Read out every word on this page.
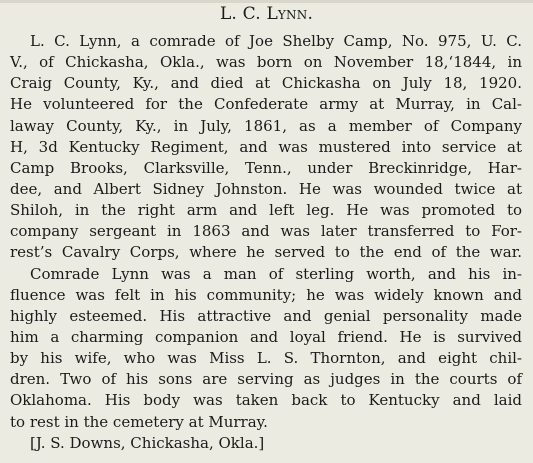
L. C. Lynn.
L. C. Lynn, a comrade of Joe Shelby Camp, No. 975, U. C.
V., of Chickasha, Okla., was born on November 18,‘1844, in
Craig County, Ky., and died at Chickasha on July 18, 1920.
He volunteered for the Confederate army at Murray, in Cal-
laway County, Ky., in July, 1861, as a member of Company
H, 3d Kentucky Regiment, and was mustered into service at
Camp Brooks, Clarksville, Tenn., under Breckinridge, Har-
dee, and Albert Sidney Johnston. He was wounded twice at
Shiloh, in the right arm and left leg. He was promoted to
company sergeant in 1863 and was later transferred to For-
rest’s Cavalry Corps, where he served to the end of the war.
Comrade Lynn was a man of sterling worth, and his in-
fluence was felt in his community; he was widely known and
highly esteemed. His attractive and genial personality made
him a charming companion and loyal friend. He is survived
by his wife, who was Miss L. S. Thornton, and eight chil-
dren. Two of his sons are serving as judges in the courts of
Oklahoma. His body was taken back to Kentucky and laid
to rest in the cemetery at Murray.
[J. S. Downs, Chickasha, Okla.]
